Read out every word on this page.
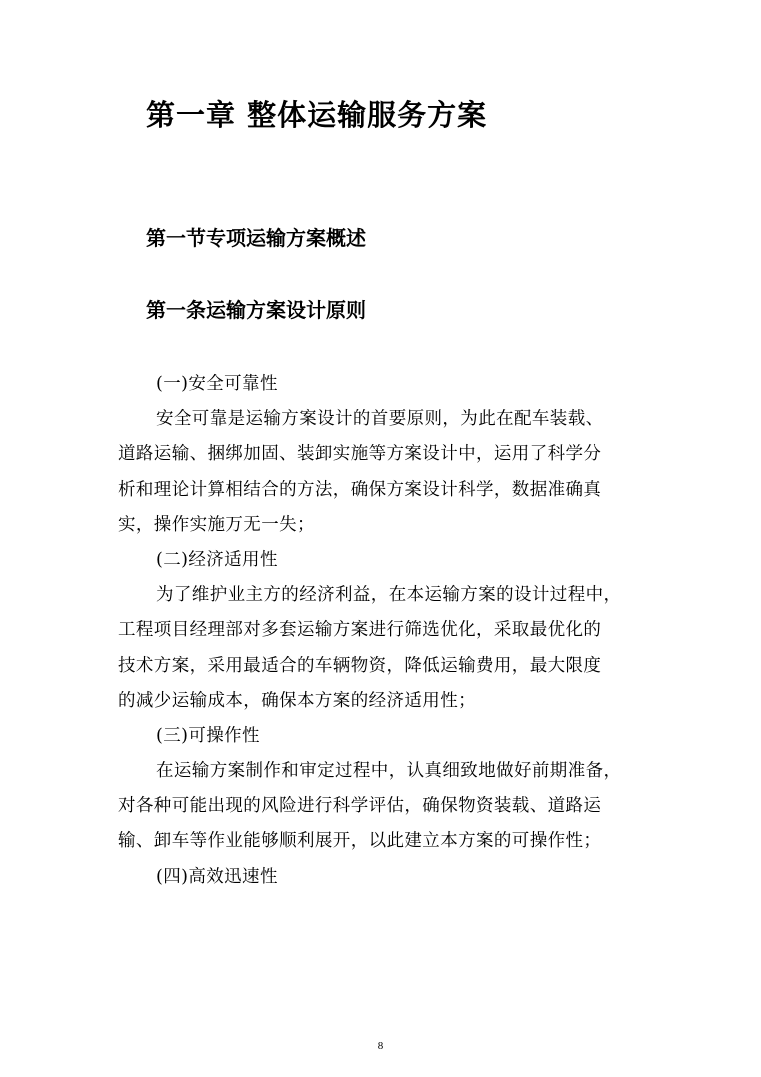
第一章 整体运输服务方案
第一节专项运输方案概述
第一条运输方案设计原则
(一)安全可靠性
安全可靠是运输方案设计的首要原则，为此在配车装载、
道路运输、捆绑加固、装卸实施等方案设计中，运用了科学分
析和理论计算相结合的方法，确保方案设计科学，数据准确真
实，操作实施万无一失；
(二)经济适用性
为了维护业主方的经济利益，在本运输方案的设计过程中，
工程项目经理部对多套运输方案进行筛选优化，采取最优化的
技术方案，采用最适合的车辆物资，降低运输费用，最大限度
的减少运输成本，确保本方案的经济适用性；
(三)可操作性
在运输方案制作和审定过程中，认真细致地做好前期准备，
对各种可能出现的风险进行科学评估，确保物资装载、道路运
输、卸车等作业能够顺利展开，以此建立本方案的可操作性；
(四)高效迅速性
8
